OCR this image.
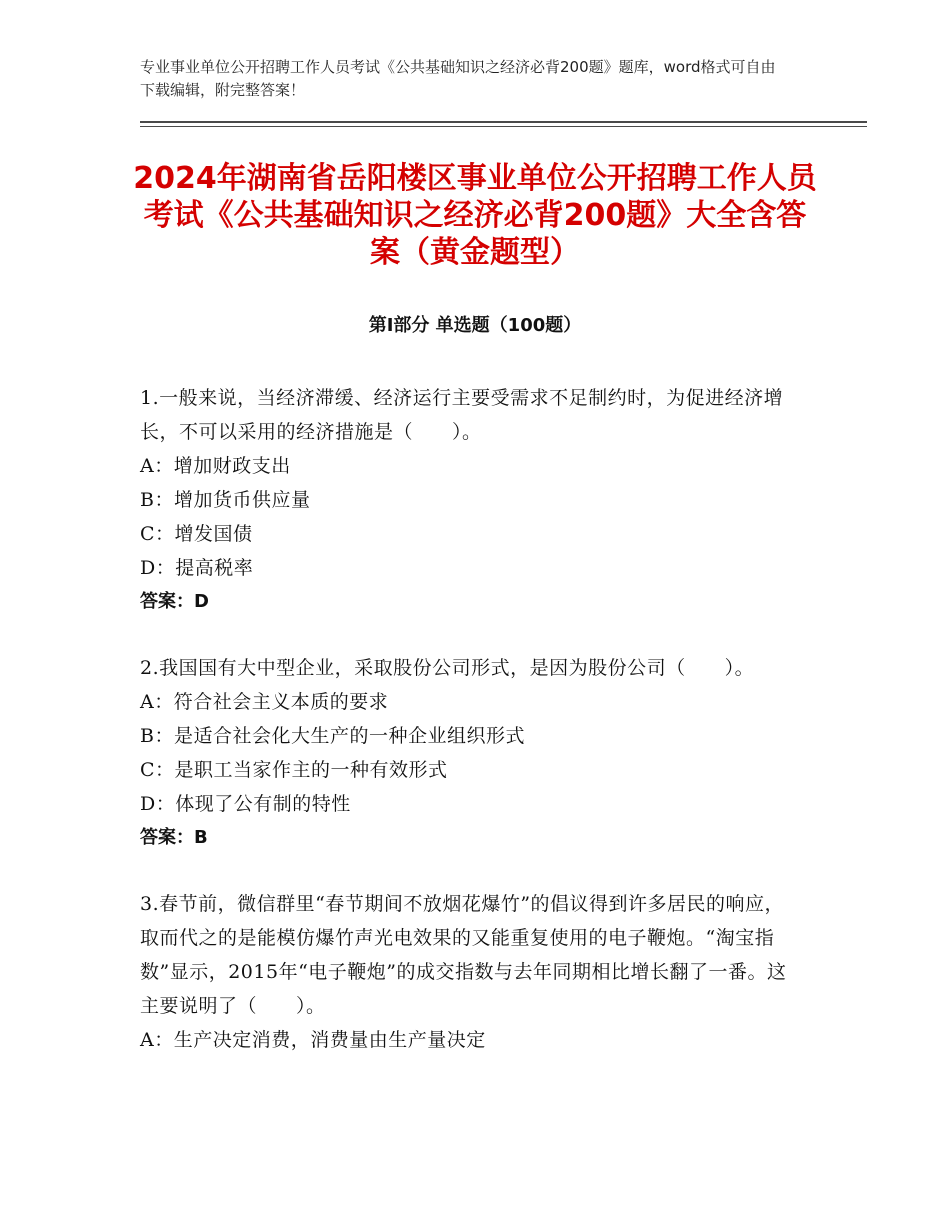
专业事业单位公开招聘工作人员考试《公共基础知识之经济必背200题》题库，word格式可自由下载编辑，附完整答案！
2024年湖南省岳阳楼区事业单位公开招聘工作人员考试《公共基础知识之经济必背200题》大全含答案（黄金题型）
第Ⅰ部分 单选题（100题）
1.一般来说，当经济滞缓、经济运行主要受需求不足制约时，为促进经济增长，不可以采用的经济措施是（　　）。
A：增加财政支出
B：增加货币供应量
C：增发国债
D：提高税率
答案：D
2.我国国有大中型企业，采取股份公司形式，是因为股份公司（　　）。
A：符合社会主义本质的要求
B：是适合社会化大生产的一种企业组织形式
C：是职工当家作主的一种有效形式
D：体现了公有制的特性
答案：B
3.春节前，微信群里“春节期间不放烟花爆竹”的倡议得到许多居民的响应，取而代之的是能模仿爆竹声光电效果的又能重复使用的电子鞭炮。“淘宝指数”显示，2015年“电子鞭炮”的成交指数与去年同期相比增长翻了一番。这主要说明了（　　）。
A：生产决定消费，消费量由生产量决定
